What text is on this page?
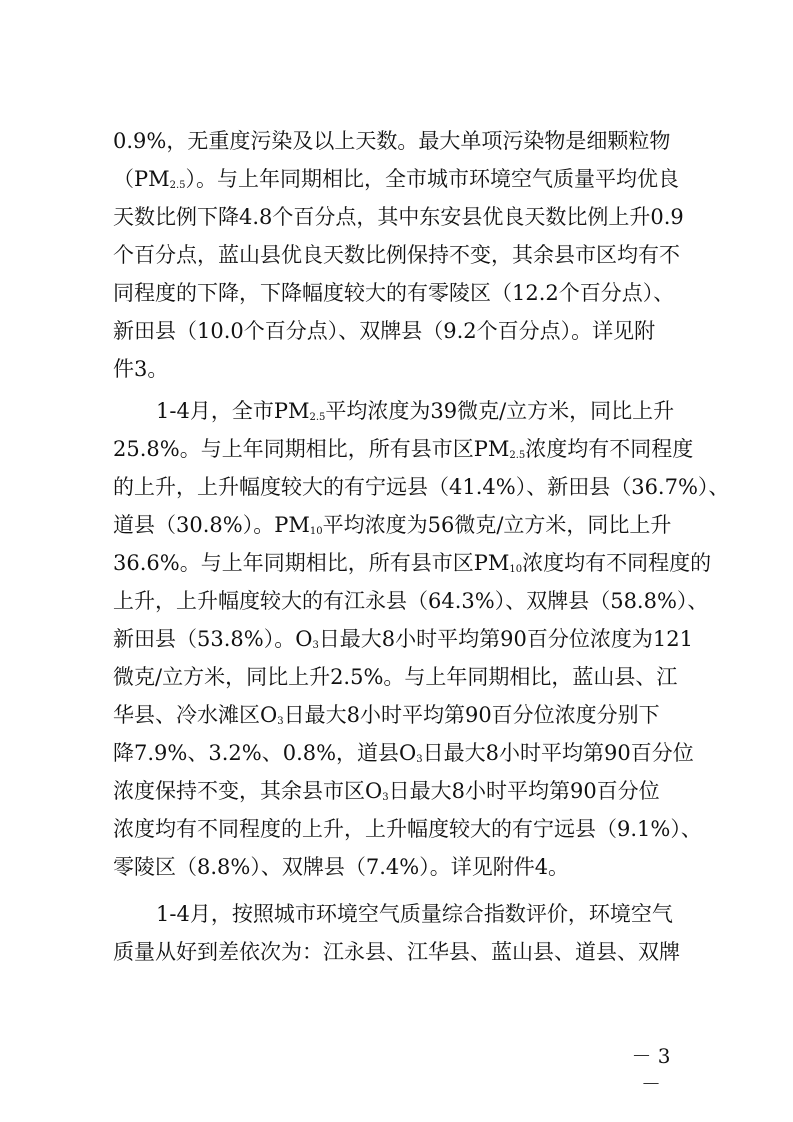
0.9%，无重度污染及以上天数。最大单项污染物是细颗粒物
$(PM_{2.5})$。与上年同期相比，全市城市环境空气质量平均优良
天数比例下降4.8个百分点，其中东安县优良天数比例上升0.9
个百分点，蓝山县优良天数比例保持不变，其余县市区均有不
同程度的下降，下降幅度较大的有零陵区（12.2个百分点）、
新田县（10.0个百分点）、双牌县（9.2个百分点）。详见附
件3。
1-4月，全市$PM_{2.5}$平均浓度为39微克/立方米，同比上升
25.8%。与上年同期相比，所有县市区$PM_{2.5}$浓度均有不同程度
的上升，上升幅度较大的有宁远县（41.4%）、新田县（36.7%）、
道县（30.8%）。$PM_{10}$平均浓度为56微克/立方米，同比上升
36.6%。与上年同期相比，所有县市区$PM_{10}$浓度均有不同程度的
上升，上升幅度较大的有江永县（64.3%）、双牌县（58.8%）、
新田县（53.8%）。$O_3$日最大8小时平均第90百分位浓度为121
微克/立方米，同比上升2.5%。与上年同期相比，蓝山县、江
华县、冷水滩区$O_3$日最大8小时平均第90百分位浓度分别下
降7.9%、3.2%、0.8%，道县$O_3$日最大8小时平均第90百分位
浓度保持不变，其余县市区$O_3$日最大8小时平均第90百分位
浓度均有不同程度的上升，上升幅度较大的有宁远县（9.1%）、
零陵区（8.8%）、双牌县（7.4%）。详见附件4。
1-4月，按照城市环境空气质量综合指数评价，环境空气
质量从好到差依次为：江永县、江华县、蓝山县、道县、双牌
－ 3 －
